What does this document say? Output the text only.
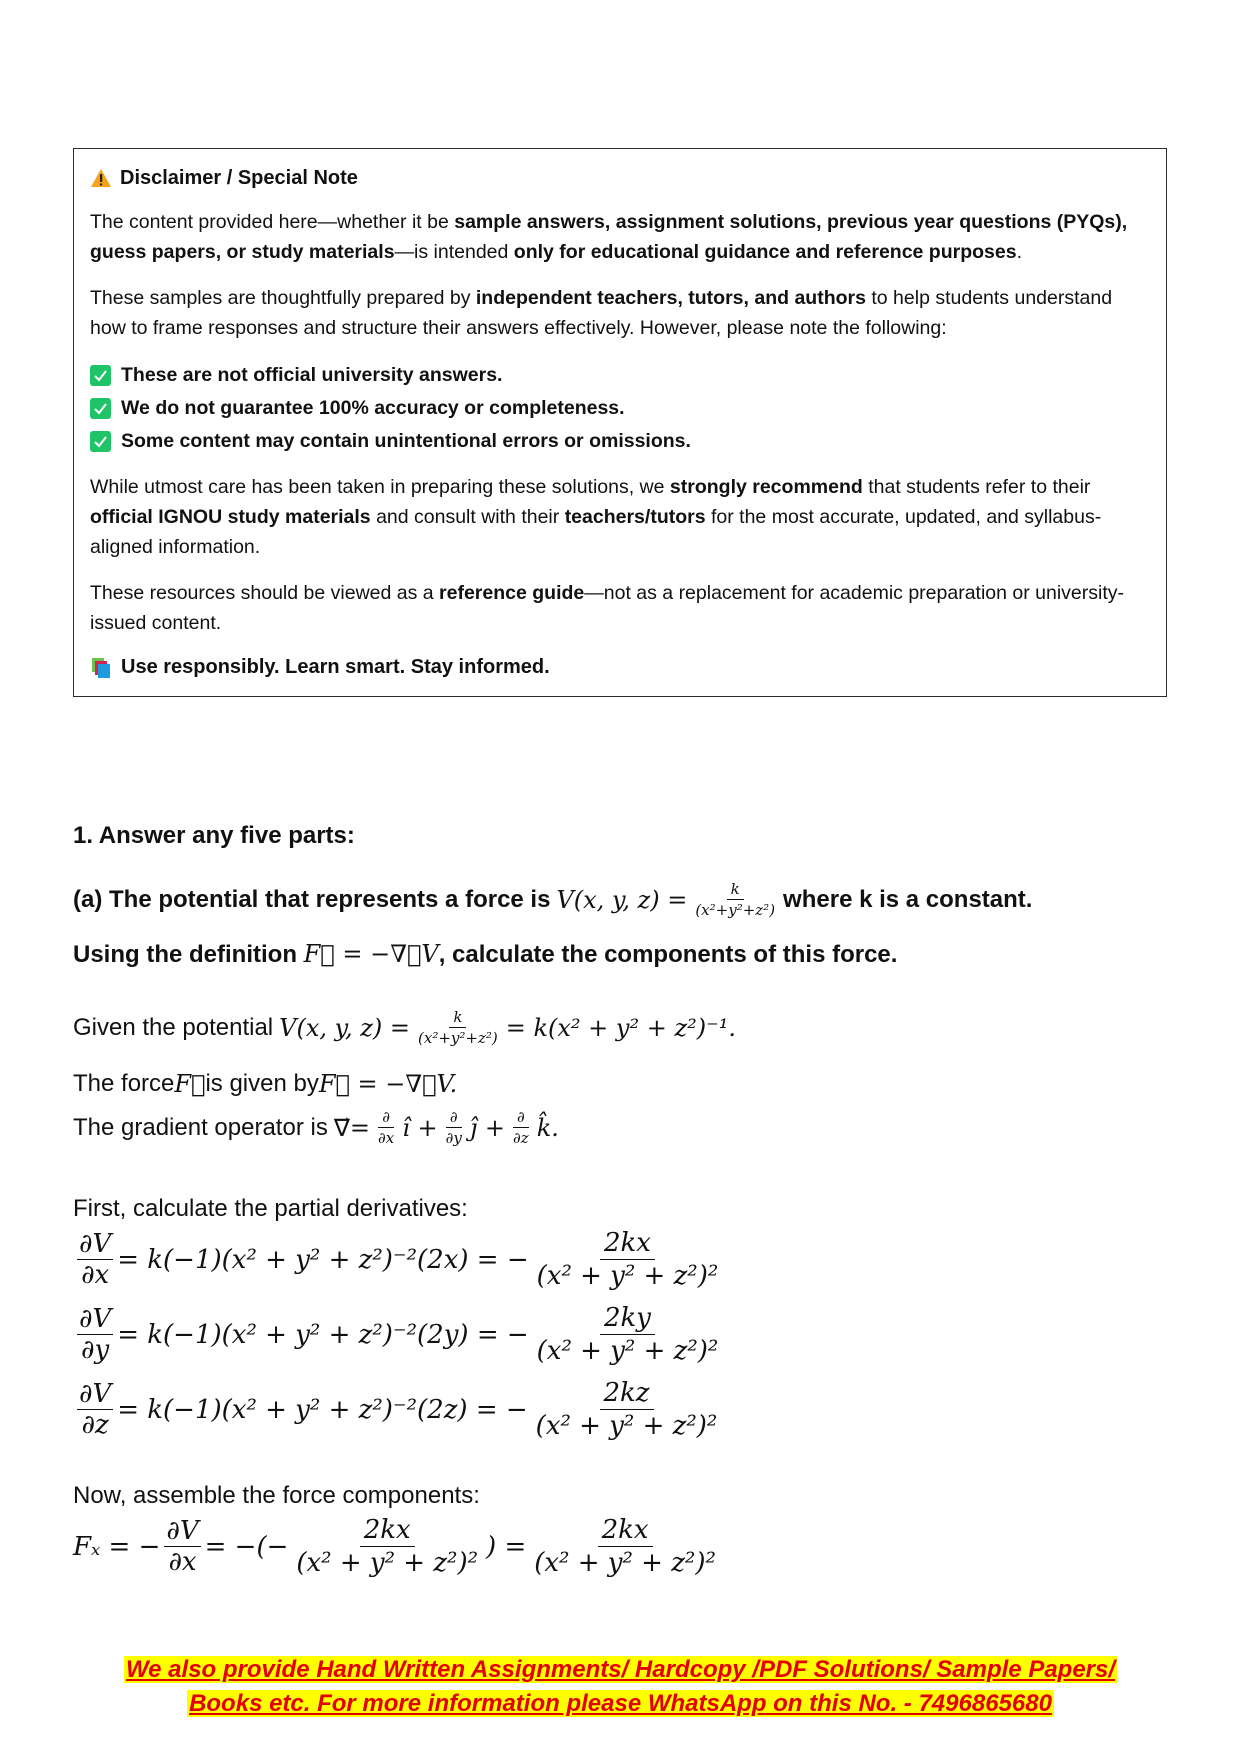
Disclaimer / Special Note

The content provided here—whether it be sample answers, assignment solutions, previous year questions (PYQs), guess papers, or study materials—is intended only for educational guidance and reference purposes.

These samples are thoughtfully prepared by independent teachers, tutors, and authors to help students understand how to frame responses and structure their answers effectively. However, please note the following:

These are not official university answers.
We do not guarantee 100% accuracy or completeness.
Some content may contain unintentional errors or omissions.

While utmost care has been taken in preparing these solutions, we strongly recommend that students refer to their official IGNOU study materials and consult with their teachers/tutors for the most accurate, updated, and syllabus-aligned information.

These resources should be viewed as a reference guide—not as a replacement for academic preparation or university-issued content.

Use responsibly. Learn smart. Stay informed.
1. Answer any five parts:
(a) The potential that represents a force is V(x, y, $z) = \frac{k}{\text{(x²+y²+z²)}}$ where k is a constant.
Using the definition F⃗ = −∇⃗V, calculate the components of this force.
Given the potential V(x, y, $z) = \frac{k}{\text{(x²+y²+z²)}} = k(x^2 + y^2 + z^2)^{-1}$.
The force F⃗ is given by F⃗ = −∇⃗V.
The gradient operator is ∇⃗= $\frac{\partial}{\partial x}$ î + $\frac{\partial}{\partial y}$ ĵ + $\frac{\partial}{\partial z}$ k̂.
First, calculate the partial derivatives:
$\frac{\partial V}{\partial x} = k(-1)(x^2 + y^2 + z^2)^{-2}(2x)$ = − $\frac{2kx}{\text{(x² + y² + z²)²}}$
$\frac{\partial V}{\partial y} = k(-1)(x^2 + y^2 + z^2)^{-2}(2y)$ = − $\frac{2ky}{\text{(x² + y² + z²)²}}$
$\frac{\partial V}{\partial z} = k(-1)(x^2 + y^2 + z^2)^{-2}(2z)$ = − $\frac{2kz}{\text{(x² + y² + z²)²}}$
Now, assemble the force components:
Fₓ = − $\frac{\partial V}{\partial x}$ = −(− $\frac{2kx}{\text{(x² + y² + z²)²}}$ ) = $\frac{2kx}{\text{(x² + y² + z²)²}}$
We also provide Hand Written Assignments/ Hardcopy /PDF Solutions/ Sample Papers/
Books etc. For more information please WhatsApp on this No. - 7496865680
